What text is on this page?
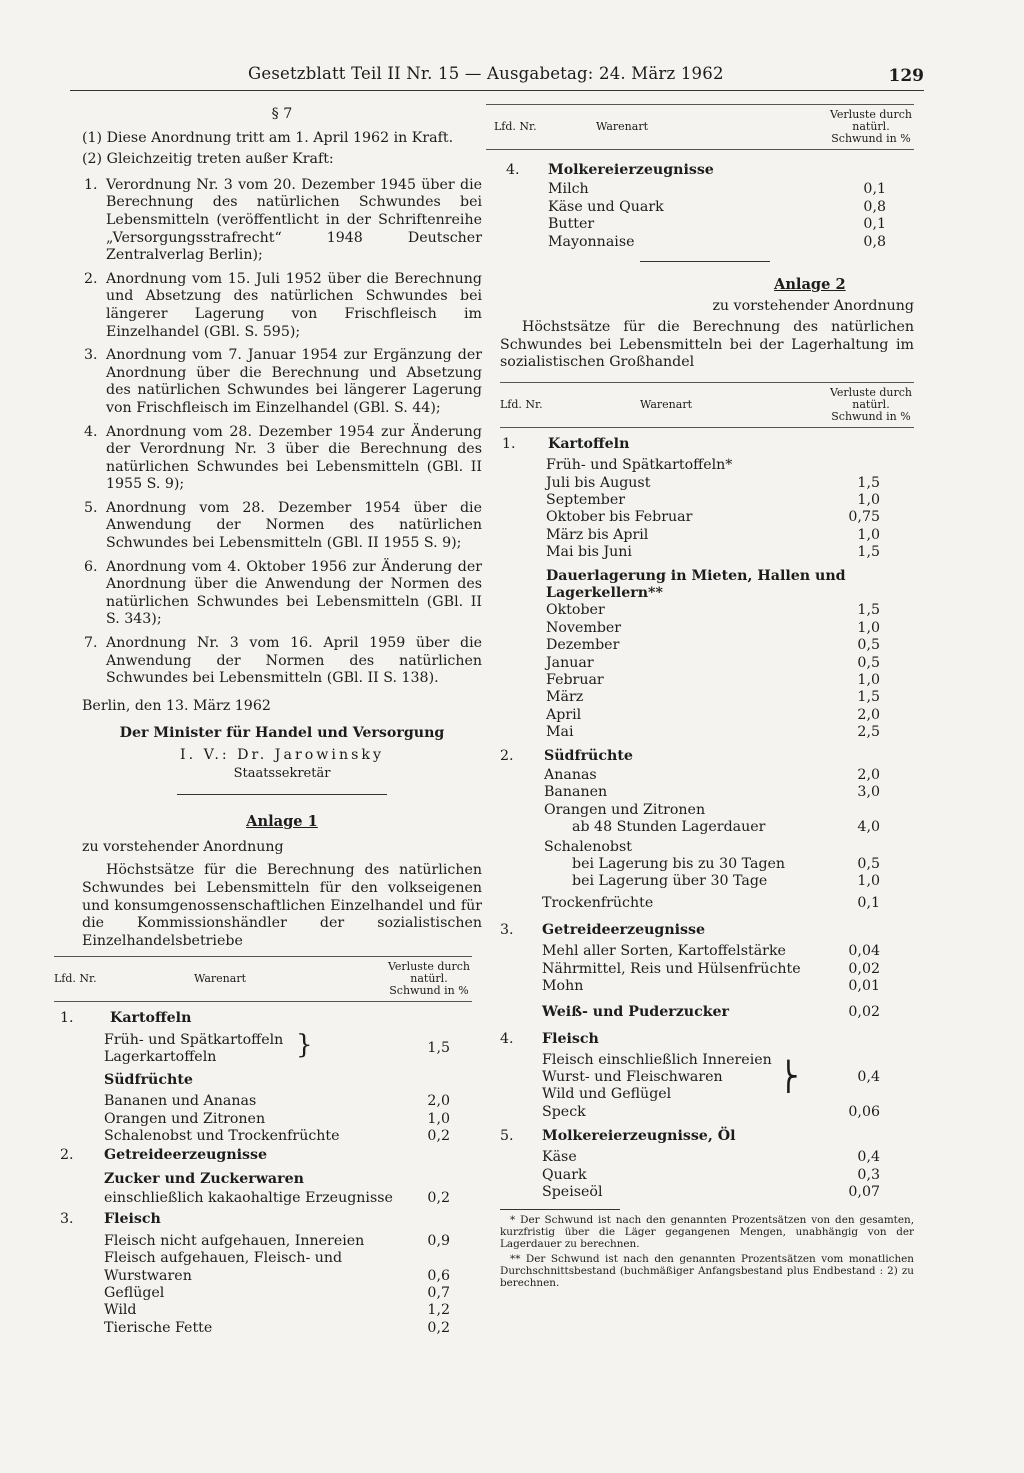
Gesetzblatt Teil II Nr. 15 — Ausgabetag: 24. März 1962	129
§ 7
(1) Diese Anordnung tritt am 1. April 1962 in Kraft.
(2) Gleichzeitig treten außer Kraft:
1. Verordnung Nr. 3 vom 20. Dezember 1945 über die Berechnung des natürlichen Schwundes bei Lebensmitteln (veröffentlicht in der Schriftenreihe „Versorgungsstrafrecht“ 1948 Deutscher Zentralverlag Berlin);
2. Anordnung vom 15. Juli 1952 über die Berechnung und Absetzung des natürlichen Schwundes bei längerer Lagerung von Frischfleisch im Einzelhandel (GBl. S. 595);
3. Anordnung vom 7. Januar 1954 zur Ergänzung der Anordnung über die Berechnung und Absetzung des natürlichen Schwundes bei längerer Lagerung von Frischfleisch im Einzelhandel (GBl. S. 44);
4. Anordnung vom 28. Dezember 1954 zur Änderung der Verordnung Nr. 3 über die Berechnung des natürlichen Schwundes bei Lebensmitteln (GBl. II 1955 S. 9);
5. Anordnung vom 28. Dezember 1954 über die Anwendung der Normen des natürlichen Schwundes bei Lebensmitteln (GBl. II 1955 S. 9);
6. Anordnung vom 4. Oktober 1956 zur Änderung der Anordnung über die Anwendung der Normen des natürlichen Schwundes bei Lebensmitteln (GBl. II S. 343);
7. Anordnung Nr. 3 vom 16. April 1959 über die Anwendung der Normen des natürlichen Schwundes bei Lebensmitteln (GBl. II S. 138).
Berlin, den 13. März 1962
Der Minister für Handel und Versorgung
I. V.: Dr. Jarowinsky
Staatssekretär
Anlage 1
zu vorstehender Anordnung
Höchstsätze für die Berechnung des natürlichen Schwundes bei Lebensmitteln für den volkseigenen und konsumgenossenschaftlichen Einzelhandel und für die Kommissionshändler der sozialistischen Einzelhandelsbetriebe
Lfd. Nr.	Warenart
Verluste durch
natürl.
Schwund in %
1.	Kartoffeln
Früh- und Spätkartoffeln
Lagerkartoffeln	}	1,5
Südfrüchte
Bananen und Ananas	2,0
Orangen und Zitronen	1,0
Schalenobst und Trockenfrüchte	0,2
2. Getreideerzeugnisse
Zucker und Zuckerwaren
einschließlich kakaohaltige Erzeugnisse 0,2
3. Fleisch
Fleisch nicht aufgehauen, Innereien	0,9
Fleisch aufgehauen, Fleisch- und
Wurstwaren	0,6
Geflügel	0,7
Wild	1,2
Tierische Fette	0,2
Lfd. Nr.	Warenart
Verluste durch
natürl.
Schwund in %
4. Molkereierzeugnisse
Milch	0,1
Käse und Quark	0,8
Butter	0,1
Mayonnaise	0,8
Anlage 2
zu vorstehender Anordnung
Höchstsätze für die Berechnung des natürlichen Schwundes bei Lebensmitteln bei der Lagerhaltung im sozialistischen Großhandel
Lfd. Nr.	Warenart
Verluste durch
natürl.
Schwund in %
1. Kartoffeln
Früh- und Spätkartoffeln*
Juli bis August	1,5
September	1,0
Oktober bis Februar	0,75
März bis April	1,0
Mai bis Juni	1,5
Dauerlagerung in Mieten, Hallen und
Lagerkellern**
Oktober	1,5
November	1,0
Dezember	0,5
Januar	0,5
Februar	1,0
März	1,5
April	2,0
Mai	2,5
2. Südfrüchte
Ananas	2,0
Bananen	3,0
Orangen und Zitronen
ab 48 Stunden Lagerdauer	4,0
Schalenobst
bei Lagerung bis zu 30 Tagen	0,5
bei Lagerung über 30 Tage	1,0
Trockenfrüchte	0,1
3. Getreideerzeugnisse
Mehl aller Sorten, Kartoffelstärke	0,04
Nährmittel, Reis und Hülsenfrüchte	0,02
Mohn	0,01
Weiß- und Puderzucker	0,02
4. Fleisch
Fleisch einschließlich Innereien
Wurst- und Fleischwaren
Wild und Geflügel
⎬	0,4
Speck	0,06
5. Molkereierzeugnisse, Öl
Käse	0,4
Quark	0,3
Speiseöl	0,07
* Der Schwund ist nach den genannten Prozentsätzen von den gesamten, kurzfristig über die Läger gegangenen Mengen, unabhängig von der Lagerdauer zu berechnen.
** Der Schwund ist nach den genannten Prozentsätzen vom monatlichen Durchschnittsbestand (buchmäßiger Anfangsbestand plus Endbestand : 2) zu berechnen.
